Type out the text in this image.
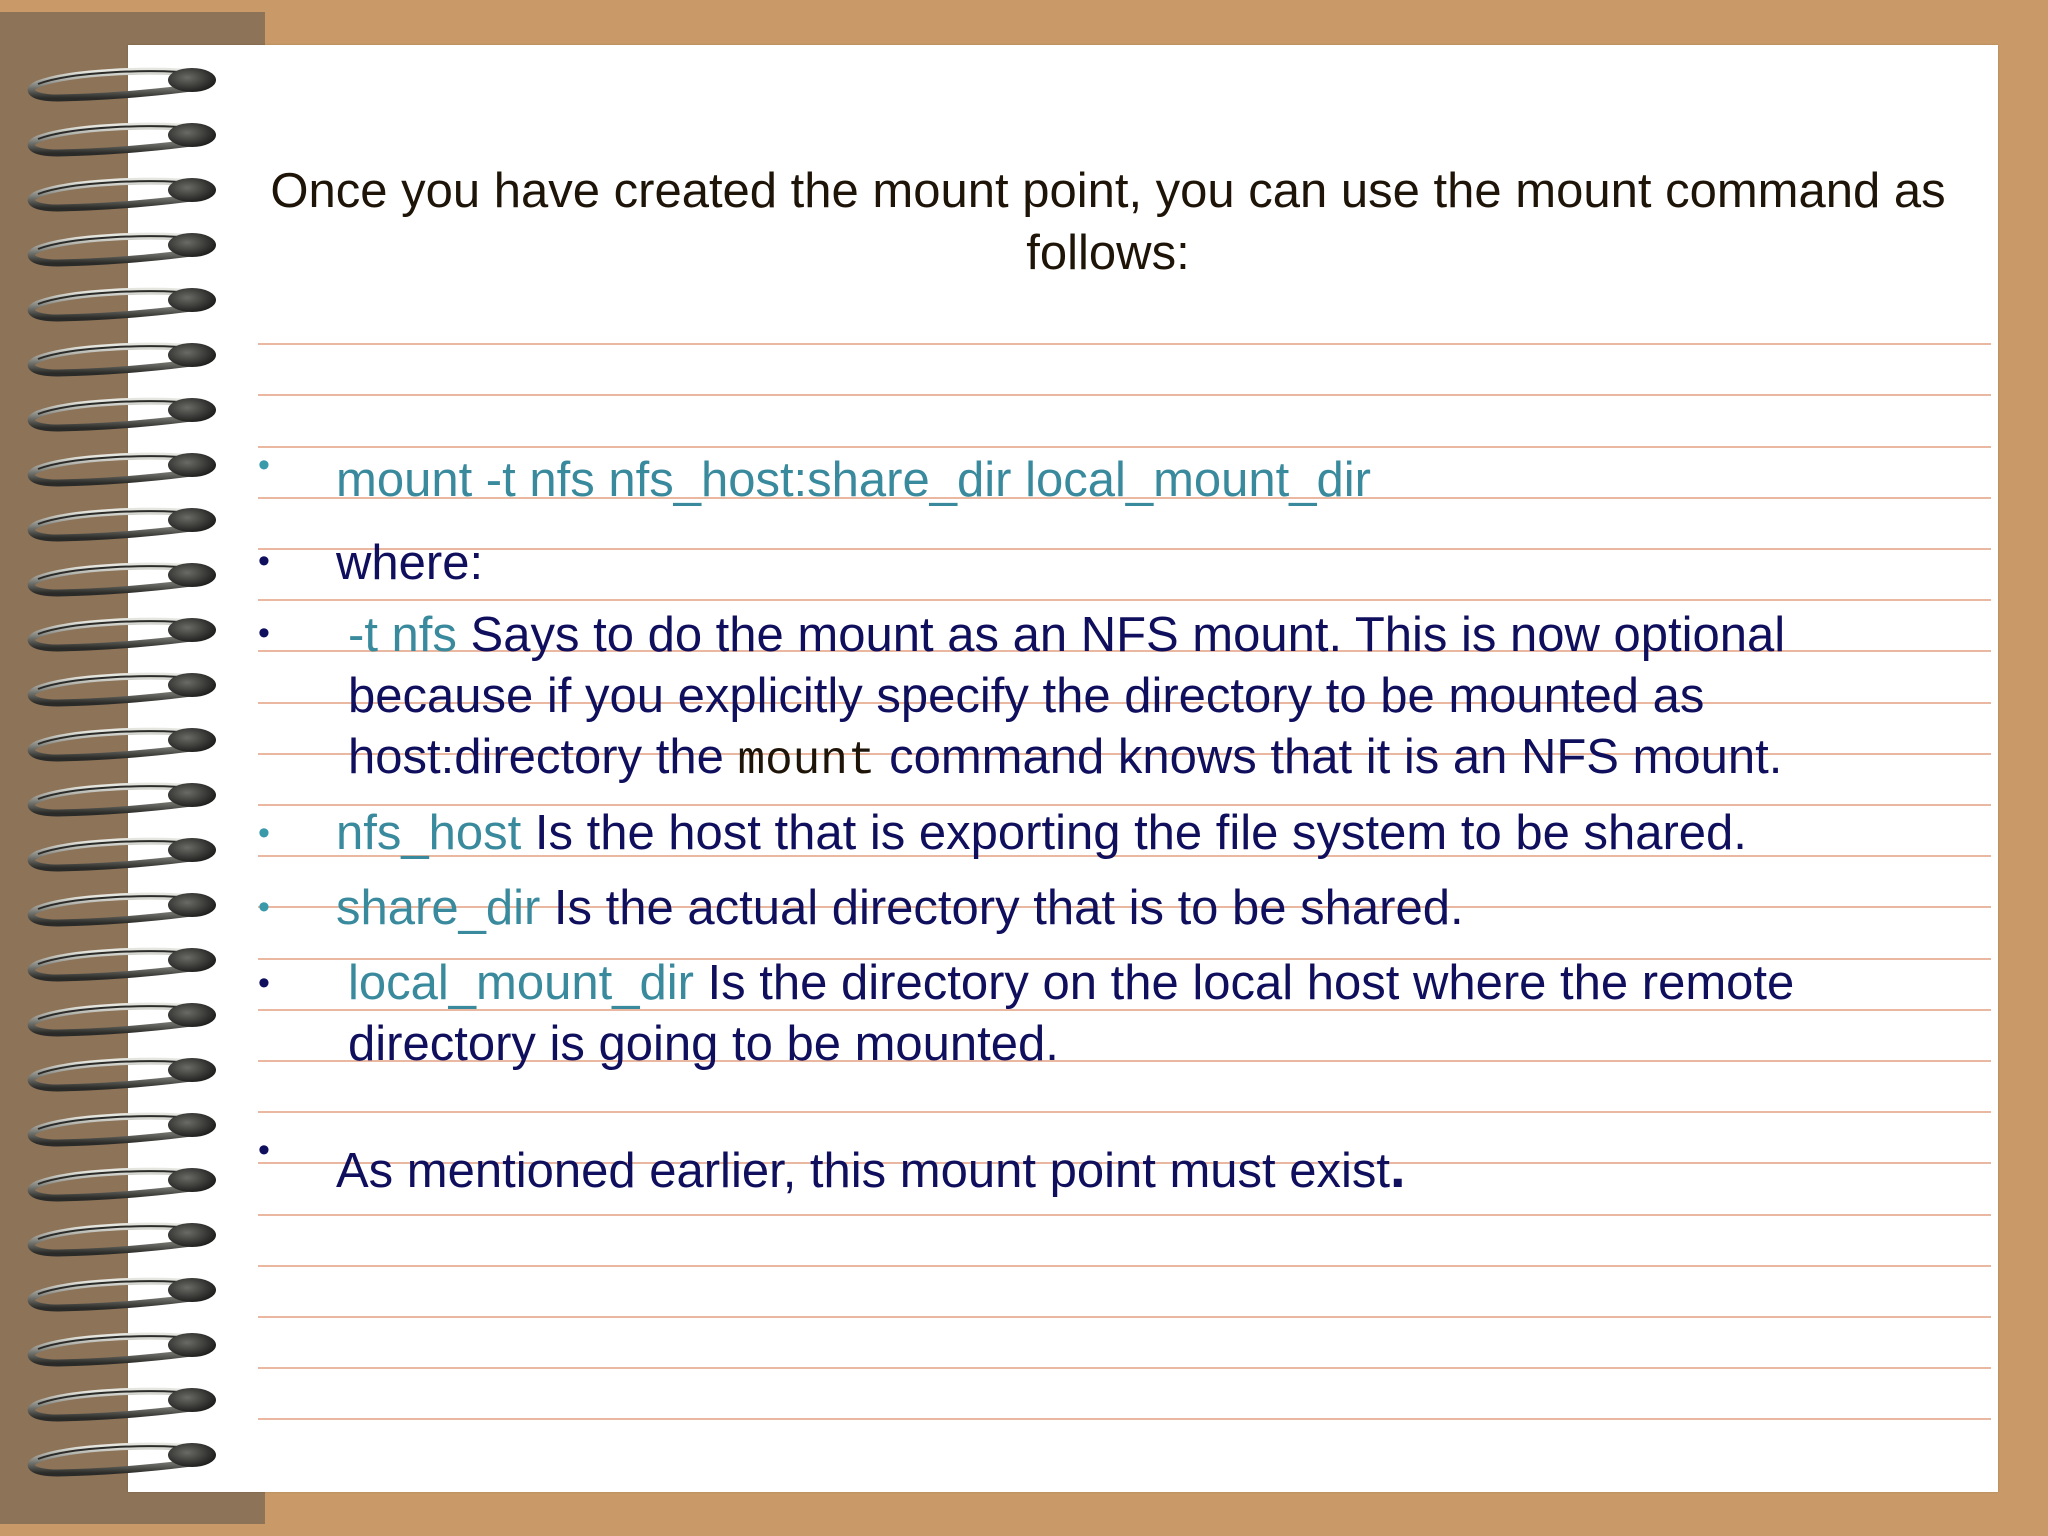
Once you have created the mount point, you can use the mount command as follows:
• mount -t nfs nfs_host:share_dir local_mount_dir
• where:
• -t nfs Says to do the mount as an NFS mount. This is now optional because if you explicitly specify the directory to be mounted as host:directory the mount command knows that it is an NFS mount.
• nfs_host Is the host that is exporting the file system to be shared.
• share_dir Is the actual directory that is to be shared.
• local_mount_dir Is the directory on the local host where the remote directory is going to be mounted.
• As mentioned earlier, this mount point must exist.
